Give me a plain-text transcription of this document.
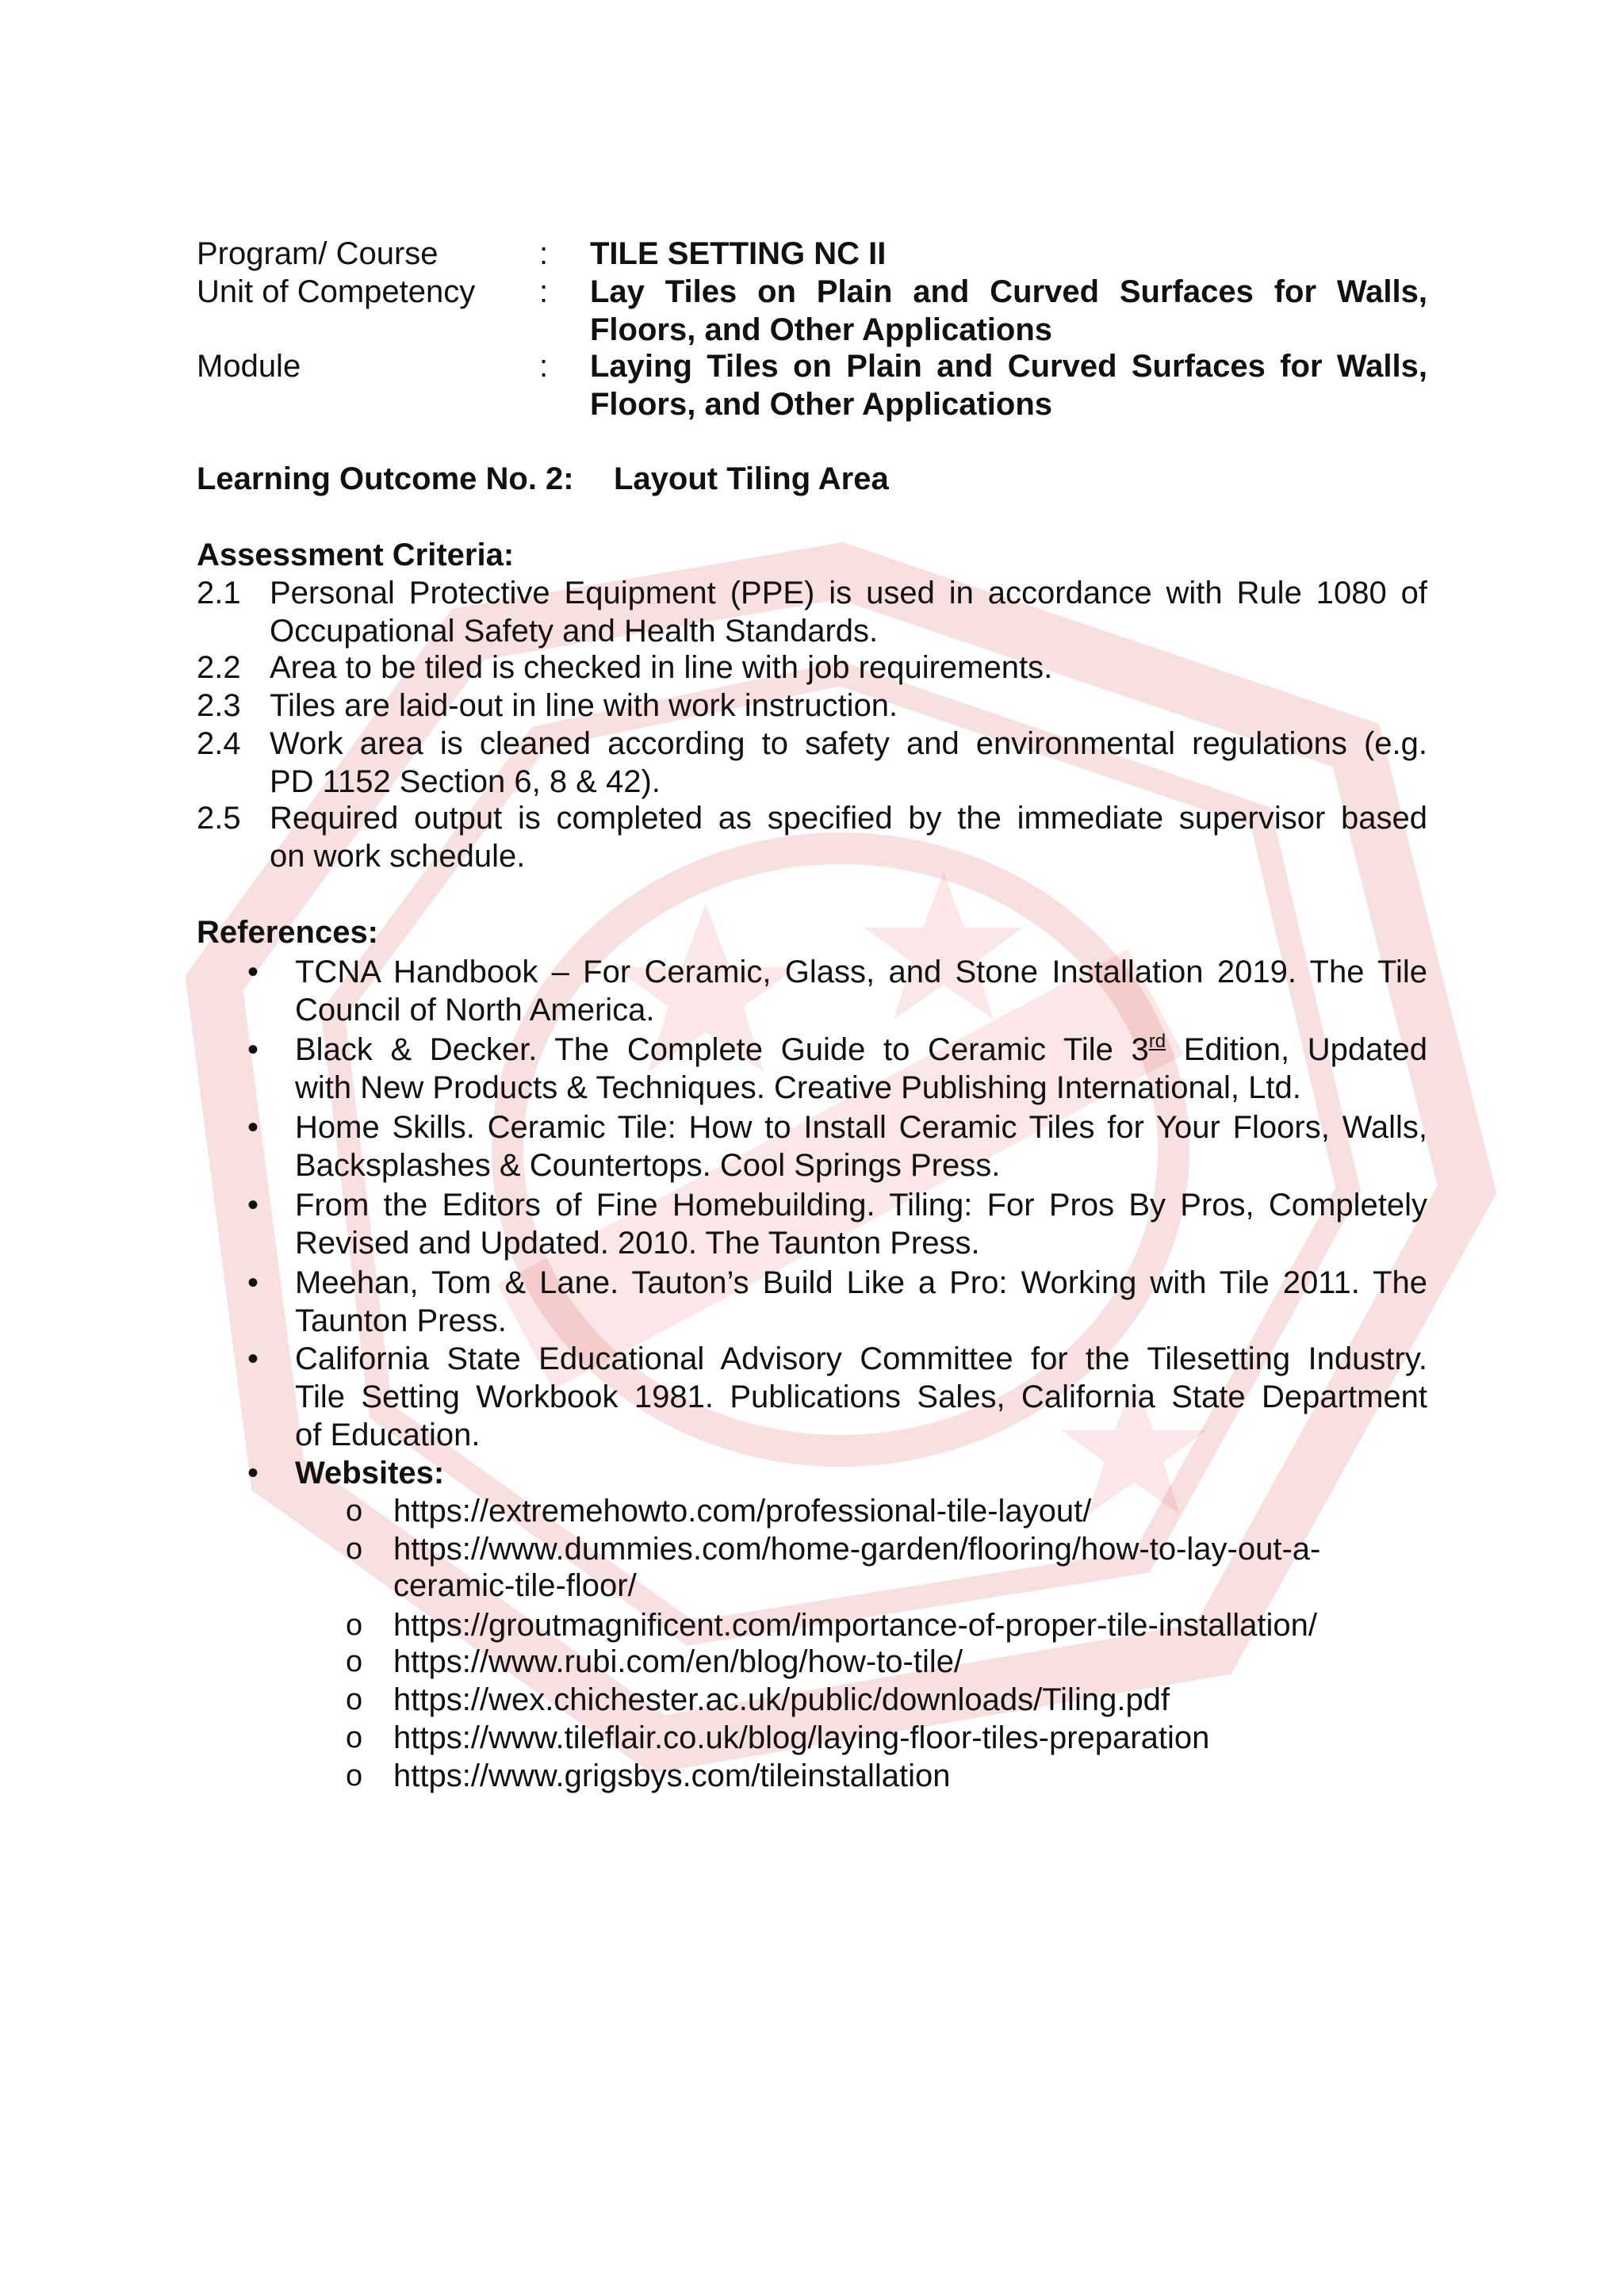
Program/ Course	: TILE SETTING NC II
Unit of Competency : Lay Tiles on Plain and Curved Surfaces for Walls,
Floors, and Other Applications
Module	: Laying Tiles on Plain and Curved Surfaces for Walls,
Floors, and Other Applications
Learning Outcome No. 2: Layout Tiling Area
Assessment Criteria:
2.1 Personal Protective Equipment (PPE) is used in accordance with Rule 1080 of
Occupational Safety and Health Standards.
2.2 Area to be tiled is checked in line with job requirements.
2.3 Tiles are laid-out in line with work instruction.
2.4 Work area is cleaned according to safety and environmental regulations (e.g.
PD 1152 Section 6, 8 & 42).
2.5 Required output is completed as specified by the immediate supervisor based
on work schedule.
References:
•	TCNA Handbook – For Ceramic, Glass, and Stone Installation 2019. The Tile
Council of North America.
•	Black & Decker. The Complete Guide to Ceramic Tile 3rd Edition, Updated
with New Products & Techniques. Creative Publishing International, Ltd.
•	Home Skills. Ceramic Tile: How to Install Ceramic Tiles for Your Floors, Walls,
Backsplashes & Countertops. Cool Springs Press.
•	From the Editors of Fine Homebuilding. Tiling: For Pros By Pros, Completely
Revised and Updated. 2010. The Taunton Press.
•	Meehan, Tom & Lane. Tauton’s Build Like a Pro: Working with Tile 2011. The
Taunton Press.
•	California State Educational Advisory Committee for the Tilesetting Industry.
Tile Setting Workbook 1981. Publications Sales, California State Department
of Education.
•	Websites:
o https://extremehowto.com/professional-tile-layout/
o https://www.dummies.com/home-garden/flooring/how-to-lay-out-a-
ceramic-tile-floor/
o https://groutmagnificent.com/importance-of-proper-tile-installation/
o https://www.rubi.com/en/blog/how-to-tile/
o https://wex.chichester.ac.uk/public/downloads/Tiling.pdf
o https://www.tileflair.co.uk/blog/laying-floor-tiles-preparation
o https://www.grigsbys.com/tileinstallation
